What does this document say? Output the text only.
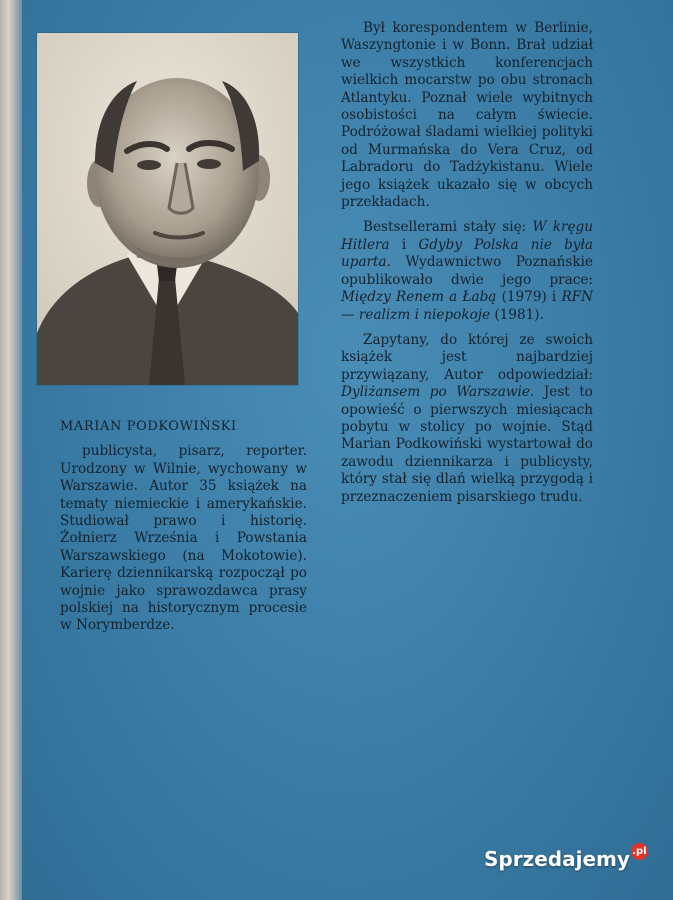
MARIAN PODKOWIŃSKI

publicysta, pisarz, reporter. Urodzony w Wilnie, wychowany w Warszawie. Autor 35 książek na tematy niemieckie i amerykańskie. Studiował prawo i historię. Żołnierz Września i Powstania Warszawskiego (na Mokotowie). Karierę dziennikarską rozpoczął po wojnie jako sprawozdawca prasy polskiej na historycznym procesie w Norymberdze.

Był korespondentem w Berlinie, Waszyngtonie i w Bonn. Brał udział we wszystkich konferencjach wielkich mocarstw po obu stronach Atlantyku. Poznał wiele wybitnych osobistości na całym świecie. Podróżował śladami wielkiej polityki od Murmańska do Vera Cruz, od Labradoru do Tadżykistanu. Wiele jego książek ukazało się w obcych przekładach.

Bestsellerami stały się: W kręgu Hitlera i Gdyby Polska nie była uparta. Wydawnictwo Poznańskie opublikowało dwie jego prace: Między Renem a Łabą (1979) i RFN — realizm i niepokoje (1981).

Zapytany, do której ze swoich książek jest najbardziej przywiązany, Autor odpowiedział: Dyliżansem po Warszawie. Jest to opowieść o pierwszych miesiącach pobytu w stolicy po wojnie. Stąd Marian Podkowiński wystartował do zawodu dziennikarza i publicysty, który stał się dlań wielką przygodą i przeznaczeniem pisarskiego trudu.

Sprzedajemy .pl
